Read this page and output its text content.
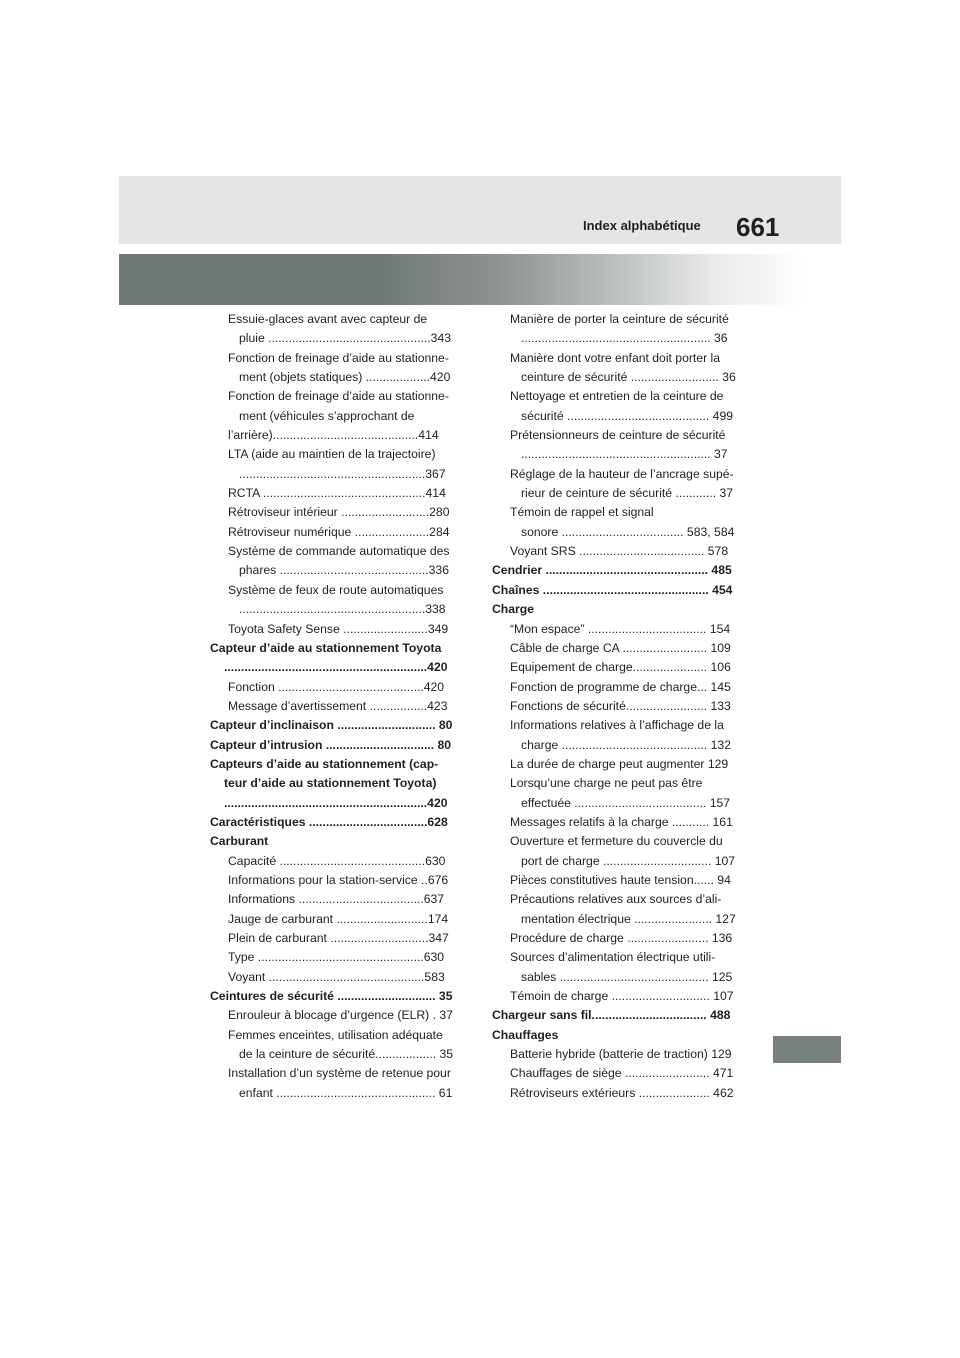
Index alphabétique 661
Essuie-glaces avant avec capteur de
pluie ................................................343
Fonction de freinage d’aide au stationne-
ment (objets statiques) ...................420
Fonction de freinage d’aide au stationne-
ment (véhicules s’approchant de
l’arrière)...........................................414
LTA (aide au maintien de la trajectoire)
.......................................................367
RCTA ................................................414
Rétroviseur intérieur ..........................280
Rétroviseur numérique ......................284
Système de commande automatique des
phares ............................................336
Système de feux de route automatiques
.......................................................338
Toyota Safety Sense .........................349
Capteur d’aide au stationnement Toyota
............................................................420
Fonction ...........................................420
Message d’avertissement .................423
Capteur d’inclinaison ............................. 80
Capteur d’intrusion ................................ 80
Capteurs d’aide au stationnement (cap-
teur d’aide au stationnement Toyota)
............................................................420
Caractéristiques ...................................628
Carburant
Capacité ...........................................630
Informations pour la station-service ..676
Informations .....................................637
Jauge de carburant ...........................174
Plein de carburant .............................347
Type .................................................630
Voyant ..............................................583
Ceintures de sécurité ............................. 35
Enrouleur à blocage d’urgence (ELR) . 37
Femmes enceintes, utilisation adéquate
de la ceinture de sécurité.................. 35
Installation d’un système de retenue pour
enfant ............................................... 61
Manière de porter la ceinture de sécurité
........................................................ 36
Manière dont votre enfant doit porter la
ceinture de sécurité .......................... 36
Nettoyage et entretien de la ceinture de
sécurité .......................................... 499
Prétensionneurs de ceinture de sécurité
........................................................ 37
Réglage de la hauteur de l’ancrage supé-
rieur de ceinture de sécurité ............ 37
Témoin de rappel et signal
sonore .................................... 583, 584
Voyant SRS ..................................... 578
Cendrier ................................................ 485
Chaînes ................................................. 454
Charge
“Mon espace” ................................... 154
Câble de charge CA ......................... 109
Equipement de charge...................... 106
Fonction de programme de charge... 145
Fonctions de sécurité........................ 133
Informations relatives à l’affichage de la
charge ........................................... 132
La durée de charge peut augmenter 129
Lorsqu’une charge ne peut pas être
effectuée ....................................... 157
Messages relatifs à la charge ........... 161
Ouverture et fermeture du couvercle du
port de charge ................................ 107
Pièces constitutives haute tension...... 94
Précautions relatives aux sources d’ali-
mentation électrique ....................... 127
Procédure de charge ........................ 136
Sources d’alimentation électrique utili-
sables ............................................ 125
Témoin de charge ............................. 107
Chargeur sans fil.................................. 488
Chauffages
Batterie hybride (batterie de traction) 129
Chauffages de siège ......................... 471
Rétroviseurs extérieurs ..................... 462
